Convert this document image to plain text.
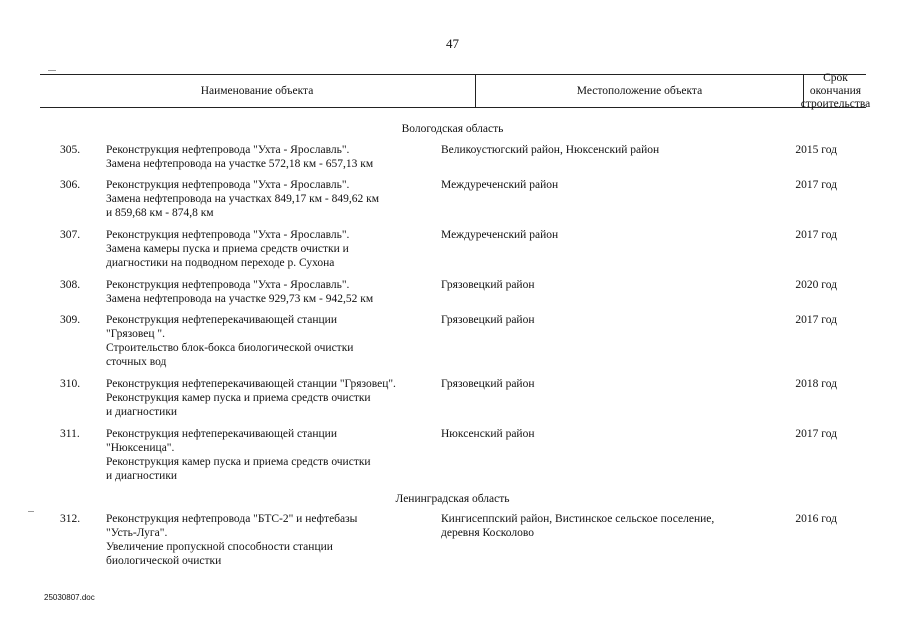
47
Наименование объекта	Местоположение объекта
Срок окончания
строительства
Вологодская область
305.	Реконструкция нефтепровода "Ухта - Ярославль".
Замена нефтепровода на участке 572,18 км - 657,13 км
Великоустюгский район, Нюксенский район	2015 год
306.	Реконструкция нефтепровода "Ухта - Ярославль".
Замена нефтепровода на участках 849,17 км - 849,62 км
и 859,68 км - 874,8 км
Междуреченский район	2017 год
307.	Реконструкция нефтепровода "Ухта - Ярославль".
Замена камеры пуска и приема средств очистки и
диагностики на подводном переходе р. Сухона
Междуреченский район	2017 год
308.	Реконструкция нефтепровода "Ухта - Ярославль".
Замена нефтепровода на участке 929,73 км - 942,52 км
Грязовецкий район	2020 год
309.	Реконструкция нефтеперекачивающей станции
"Грязовец ".
Строительство блок-бокса биологической очистки
сточных вод
Грязовецкий район	2017 год
310.	Реконструкция нефтеперекачивающей станции "Грязовец".
Реконструкция камер пуска и приема средств очистки
и диагностики
Грязовецкий район	2018 год
311.	Реконструкция нефтеперекачивающей станции
"Нюксеница".
Реконструкция камер пуска и приема средств очистки
и диагностики
Нюксенский район	2017 год
Ленинградская область
312.	Реконструкция нефтепровода "БТС-2" и нефтебазы
"Усть-Луга".
Увеличение пропускной способности станции
биологической очистки
Кингисеппский район, Вистинское сельское поселение,
деревня Косколово
2016 год
25030807.doc
